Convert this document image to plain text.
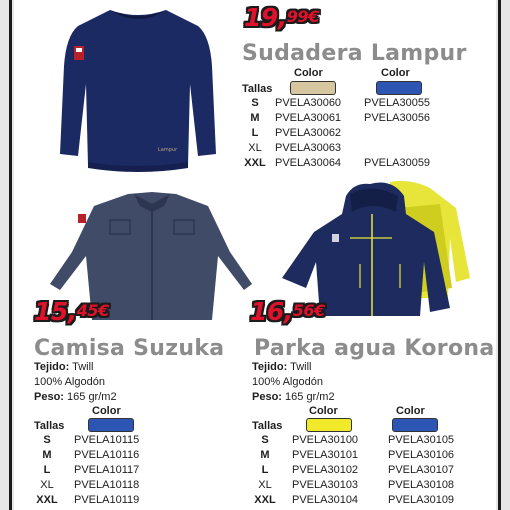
Lampur
19,99€
Sudadera Lampur
Color	Color
Tallas
S	PVELA30060 PVELA30055
M	PVELA30061 PVELA30056
L	PVELA30062
XL	PVELA30063
XXL PVELA30064 PVELA30059
15,45€
Camisa Suzuka
Tejido: Twill
100% Algodón
Peso: 165 gr/m2
Color
Tallas
S	PVELA10115
M	PVELA10116
L	PVELA10117
XL	PVELA10118
XXL PVELA10119
16,56€
Parka agua Korona
Tejido: Twill
100% Algodón
Peso: 165 gr/m2
Color	Color
Tallas
S	PVELA30100	PVELA30105
M	PVELA30101	PVELA30106
L	PVELA30102	PVELA30107
XL	PVELA30103	PVELA30108
XXL PVELA30104	PVELA30109
